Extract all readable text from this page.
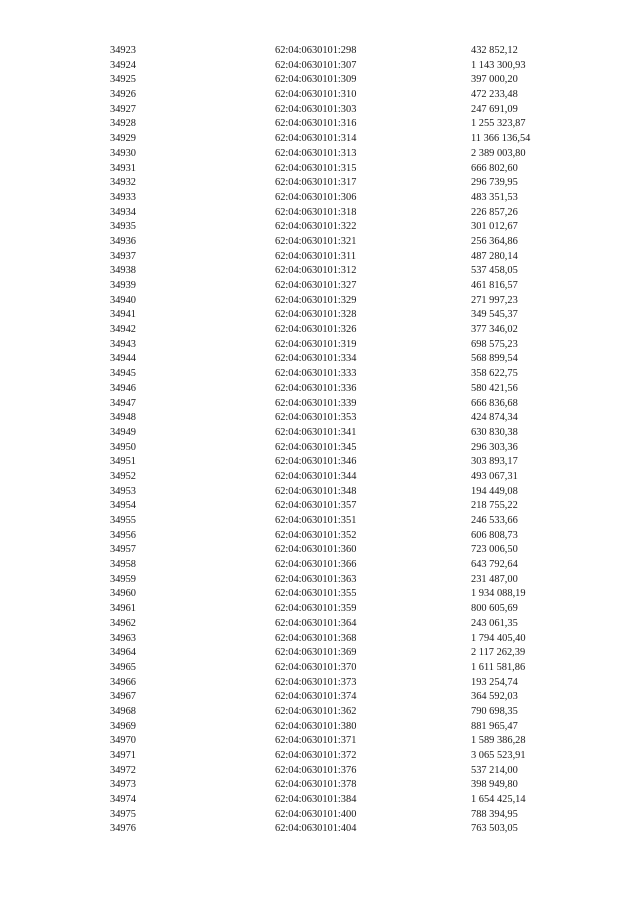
34923	62:04:0630101:298	432 852,12
34924	62:04:0630101:307	1 143 300,93
34925	62:04:0630101:309	397 000,20
34926	62:04:0630101:310	472 233,48
34927	62:04:0630101:303	247 691,09
34928	62:04:0630101:316	1 255 323,87
34929	62:04:0630101:314	11 366 136,54
34930	62:04:0630101:313	2 389 003,80
34931	62:04:0630101:315	666 802,60
34932	62:04:0630101:317	296 739,95
34933	62:04:0630101:306	483 351,53
34934	62:04:0630101:318	226 857,26
34935	62:04:0630101:322	301 012,67
34936	62:04:0630101:321	256 364,86
34937	62:04:0630101:311	487 280,14
34938	62:04:0630101:312	537 458,05
34939	62:04:0630101:327	461 816,57
34940	62:04:0630101:329	271 997,23
34941	62:04:0630101:328	349 545,37
34942	62:04:0630101:326	377 346,02
34943	62:04:0630101:319	698 575,23
34944	62:04:0630101:334	568 899,54
34945	62:04:0630101:333	358 622,75
34946	62:04:0630101:336	580 421,56
34947	62:04:0630101:339	666 836,68
34948	62:04:0630101:353	424 874,34
34949	62:04:0630101:341	630 830,38
34950	62:04:0630101:345	296 303,36
34951	62:04:0630101:346	303 893,17
34952	62:04:0630101:344	493 067,31
34953	62:04:0630101:348	194 449,08
34954	62:04:0630101:357	218 755,22
34955	62:04:0630101:351	246 533,66
34956	62:04:0630101:352	606 808,73
34957	62:04:0630101:360	723 006,50
34958	62:04:0630101:366	643 792,64
34959	62:04:0630101:363	231 487,00
34960	62:04:0630101:355	1 934 088,19
34961	62:04:0630101:359	800 605,69
34962	62:04:0630101:364	243 061,35
34963	62:04:0630101:368	1 794 405,40
34964	62:04:0630101:369	2 117 262,39
34965	62:04:0630101:370	1 611 581,86
34966	62:04:0630101:373	193 254,74
34967	62:04:0630101:374	364 592,03
34968	62:04:0630101:362	790 698,35
34969	62:04:0630101:380	881 965,47
34970	62:04:0630101:371	1 589 386,28
34971	62:04:0630101:372	3 065 523,91
34972	62:04:0630101:376	537 214,00
34973	62:04:0630101:378	398 949,80
34974	62:04:0630101:384	1 654 425,14
34975	62:04:0630101:400	788 394,95
34976	62:04:0630101:404	763 503,05
